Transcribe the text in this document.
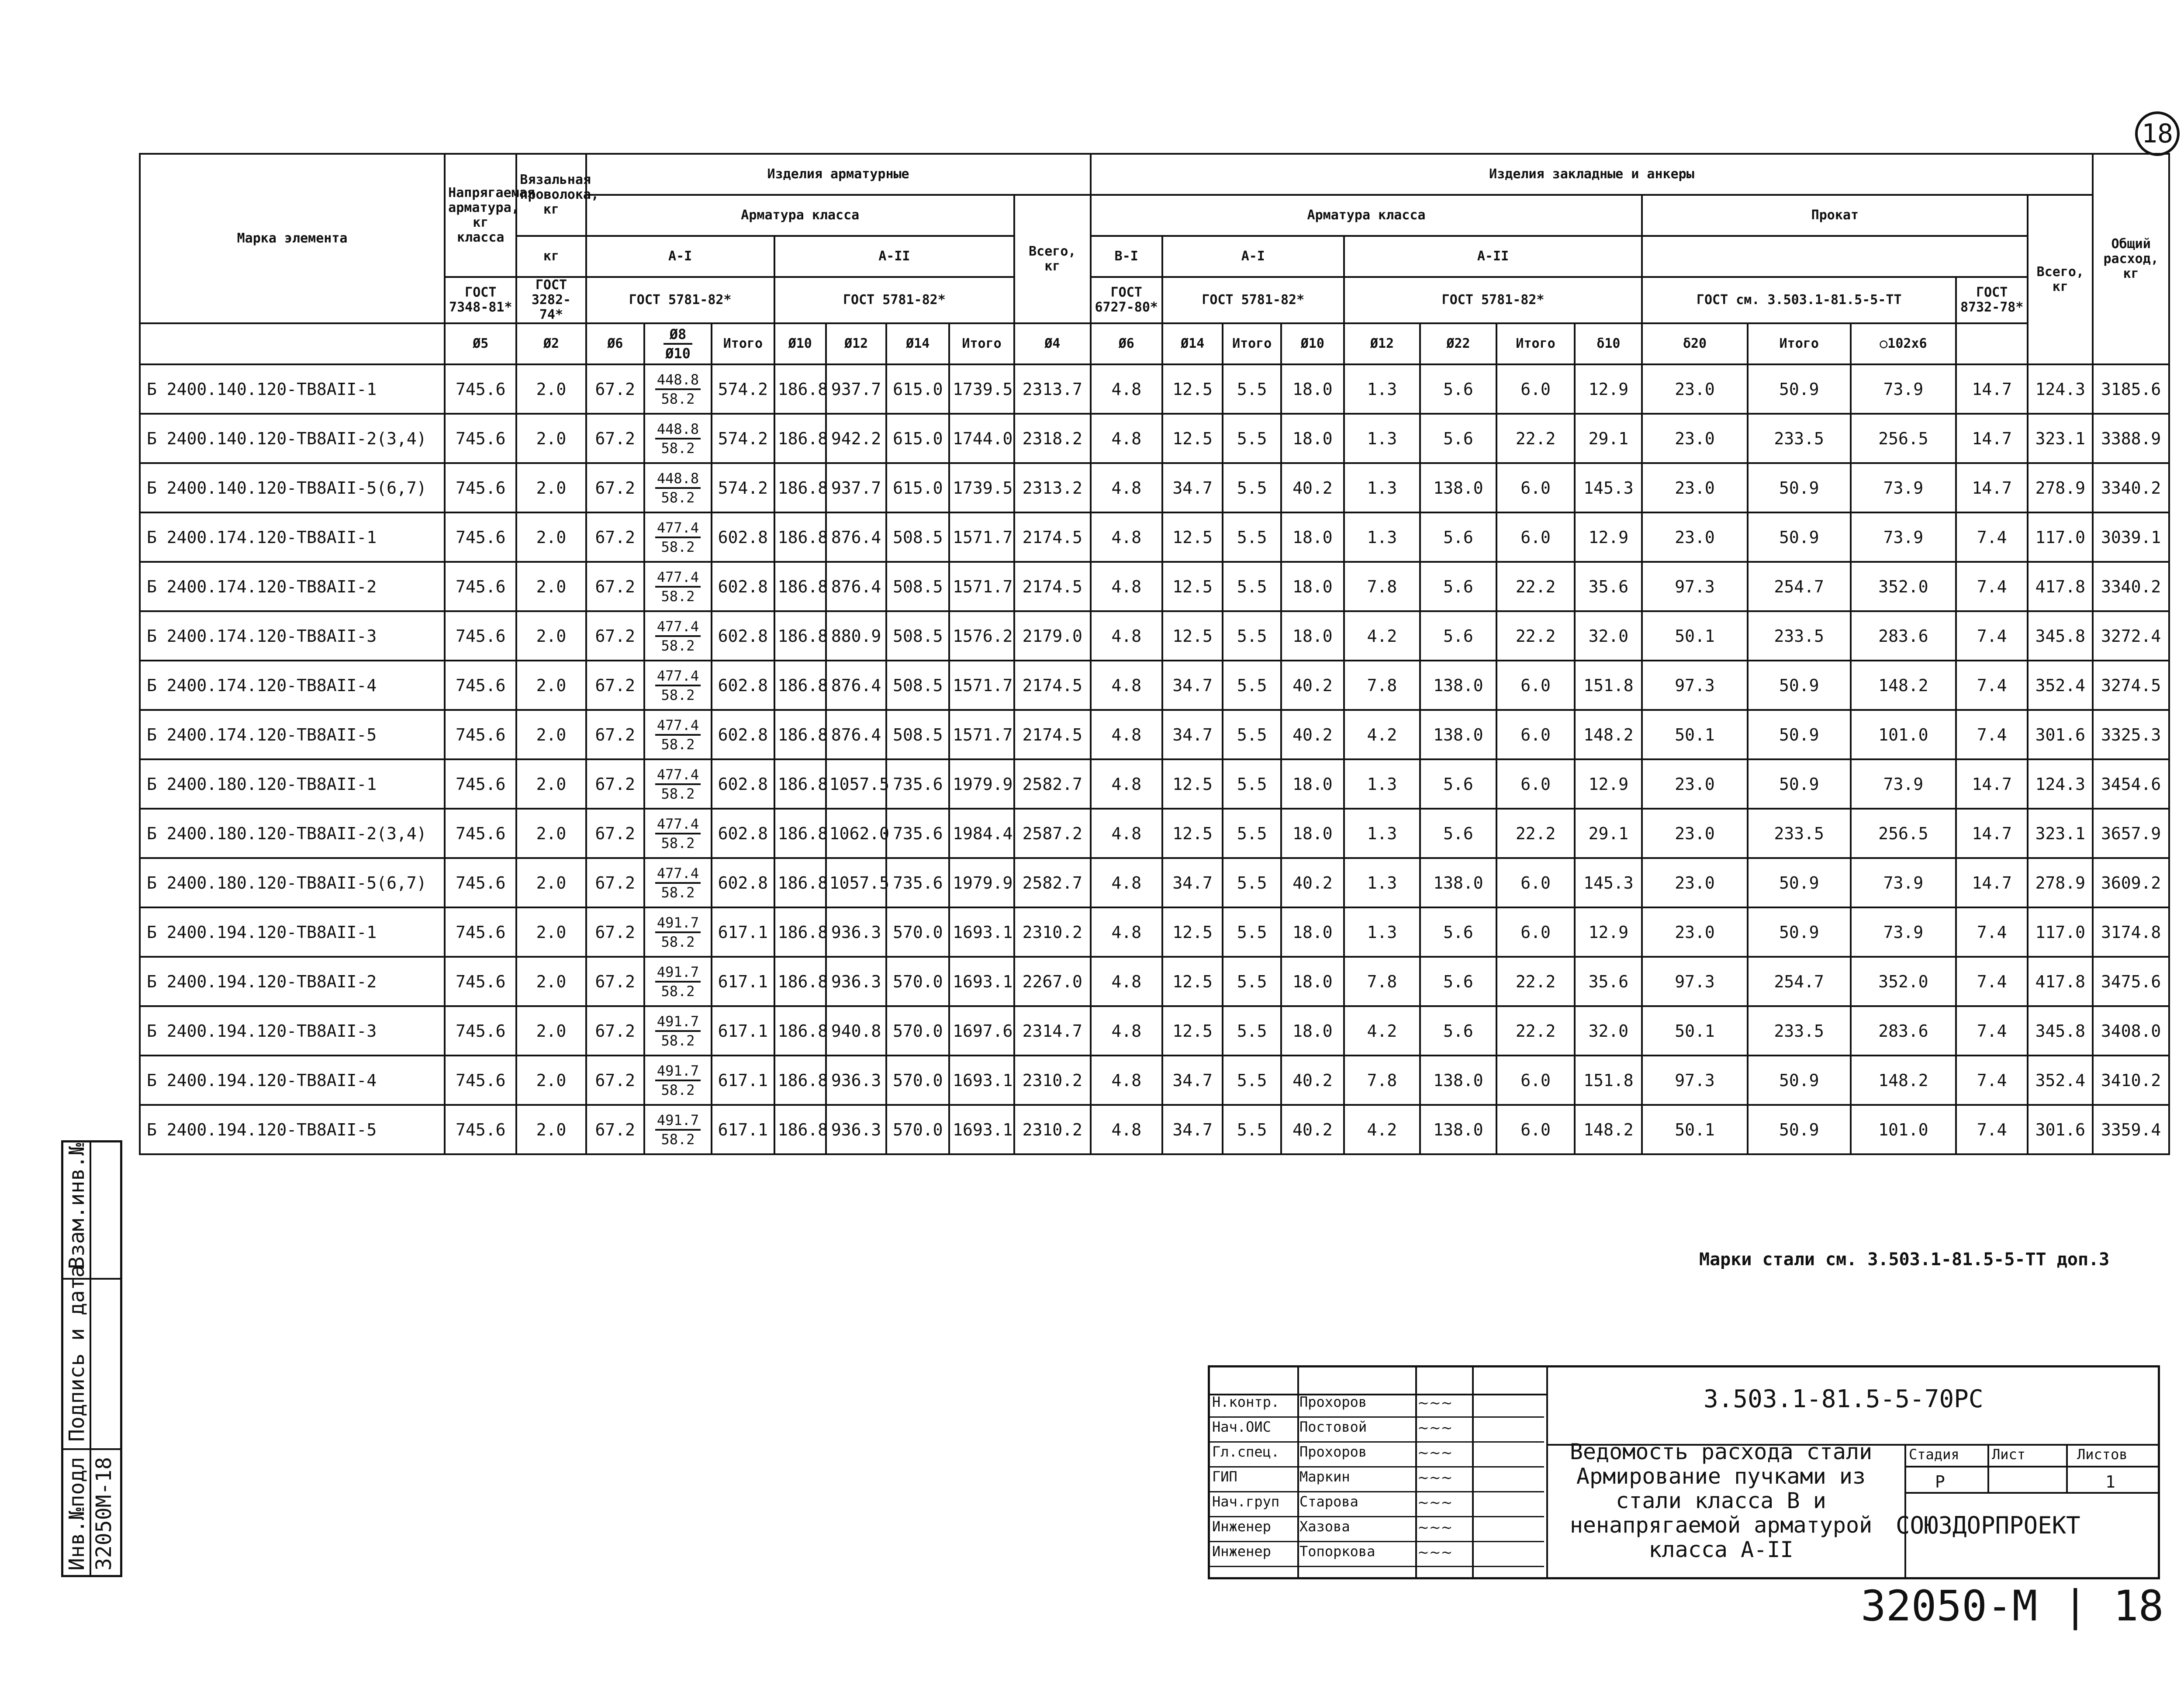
18
Марка элемента	Напрягаемая арматура, кг класса	Вязальная проволока, кг	Изделия арматурные								Изделия закладные и анкеры													Общий расход, кг
			Арматура класса							Всего, кг	Арматура класса								Прокат				Всего, кг	
		кг	А-I			А-II					B-I	А-I			А-II									
	ГОСТ 7348-81*	ГОСТ 3282-74*	ГОСТ 5781-82*			ГОСТ 5781-82*					ГОСТ 6727-80*	ГОСТ 5781-82*			ГОСТ 5781-82*				ГОСТ см. 3.503.1-81.5-5-ТТ			ГОСТ 8732-78*		
	Ø5	Ø2	Ø6	$\frac{Ø8}{Ø10}$	Итого	Ø10	Ø12	Ø14	Итого	Ø4	Ø6	Ø14	Итого	Ø10	Ø12	Ø22	Итого	δ10	δ20	Итого	○102х6			
Б 2400.140.120-ТВ8АII-1	745.6	2.0	67.2	$\frac{448.8}{58.2}$	574.2	186.8	937.7	615.0	1739.5	2313.7	4.8	12.5	5.5	18.0	1.3	5.6	6.0	12.9	23.0	50.9	73.9	14.7	124.3	3185.6
Б 2400.140.120-ТВ8АII-2(3,4)	745.6	2.0	67.2	$\frac{448.8}{58.2}$	574.2	186.8	942.2	615.0	1744.0	2318.2	4.8	12.5	5.5	18.0	1.3	5.6	22.2	29.1	23.0	233.5	256.5	14.7	323.1	3388.9
Б 2400.140.120-ТВ8АII-5(6,7)	745.6	2.0	67.2	$\frac{448.8}{58.2}$	574.2	186.8	937.7	615.0	1739.5	2313.2	4.8	34.7	5.5	40.2	1.3	138.0	6.0	145.3	23.0	50.9	73.9	14.7	278.9	3340.2
Б 2400.174.120-ТВ8АII-1	745.6	2.0	67.2	$\frac{477.4}{58.2}$	602.8	186.8	876.4	508.5	1571.7	2174.5	4.8	12.5	5.5	18.0	1.3	5.6	6.0	12.9	23.0	50.9	73.9	7.4	117.0	3039.1
Б 2400.174.120-ТВ8АII-2	745.6	2.0	67.2	$\frac{477.4}{58.2}$	602.8	186.8	876.4	508.5	1571.7	2174.5	4.8	12.5	5.5	18.0	7.8	5.6	22.2	35.6	97.3	254.7	352.0	7.4	417.8	3340.2
Б 2400.174.120-ТВ8АII-3	745.6	2.0	67.2	$\frac{477.4}{58.2}$	602.8	186.8	880.9	508.5	1576.2	2179.0	4.8	12.5	5.5	18.0	4.2	5.6	22.2	32.0	50.1	233.5	283.6	7.4	345.8	3272.4
Б 2400.174.120-ТВ8АII-4	745.6	2.0	67.2	$\frac{477.4}{58.2}$	602.8	186.8	876.4	508.5	1571.7	2174.5	4.8	34.7	5.5	40.2	7.8	138.0	6.0	151.8	97.3	50.9	148.2	7.4	352.4	3274.5
Б 2400.174.120-ТВ8АII-5	745.6	2.0	67.2	$\frac{477.4}{58.2}$	602.8	186.8	876.4	508.5	1571.7	2174.5	4.8	34.7	5.5	40.2	4.2	138.0	6.0	148.2	50.1	50.9	101.0	7.4	301.6	3325.3
Б 2400.180.120-ТВ8АII-1	745.6	2.0	67.2	$\frac{477.4}{58.2}$	602.8	186.8	1057.5	735.6	1979.9	2582.7	4.8	12.5	5.5	18.0	1.3	5.6	6.0	12.9	23.0	50.9	73.9	14.7	124.3	3454.6
Б 2400.180.120-ТВ8АII-2(3,4)	745.6	2.0	67.2	$\frac{477.4}{58.2}$	602.8	186.8	1062.0	735.6	1984.4	2587.2	4.8	12.5	5.5	18.0	1.3	5.6	22.2	29.1	23.0	233.5	256.5	14.7	323.1	3657.9
Б 2400.180.120-ТВ8АII-5(6,7)	745.6	2.0	67.2	$\frac{477.4}{58.2}$	602.8	186.8	1057.5	735.6	1979.9	2582.7	4.8	34.7	5.5	40.2	1.3	138.0	6.0	145.3	23.0	50.9	73.9	14.7	278.9	3609.2
Б 2400.194.120-ТВ8АII-1	745.6	2.0	67.2	$\frac{491.7}{58.2}$	617.1	186.8	936.3	570.0	1693.1	2310.2	4.8	12.5	5.5	18.0	1.3	5.6	6.0	12.9	23.0	50.9	73.9	7.4	117.0	3174.8
Б 2400.194.120-ТВ8АII-2	745.6	2.0	67.2	$\frac{491.7}{58.2}$	617.1	186.8	936.3	570.0	1693.1	2267.0	4.8	12.5	5.5	18.0	7.8	5.6	22.2	35.6	97.3	254.7	352.0	7.4	417.8	3475.6
Б 2400.194.120-ТВ8АII-3	745.6	2.0	67.2	$\frac{491.7}{58.2}$	617.1	186.8	940.8	570.0	1697.6	2314.7	4.8	12.5	5.5	18.0	4.2	5.6	22.2	32.0	50.1	233.5	283.6	7.4	345.8	3408.0
Б 2400.194.120-ТВ8АII-4	745.6	2.0	67.2	$\frac{491.7}{58.2}$	617.1	186.8	936.3	570.0	1693.1	2310.2	4.8	34.7	5.5	40.2	7.8	138.0	6.0	151.8	97.3	50.9	148.2	7.4	352.4	3410.2
Б 2400.194.120-ТВ8АII-5	745.6	2.0	67.2	$\frac{491.7}{58.2}$	617.1	186.8	936.3	570.0	1693.1	2310.2	4.8	34.7	5.5	40.2	4.2	138.0	6.0	148.2	50.1	50.9	101.0	7.4	301.6	3359.4
Марки стали см. 3.503.1-81.5-5-ТТ доп.3
Н.контр. Прохоров	~~~
Нач.ОИС Постовой	~~~
Гл.спец. Прохоров	~~~
ГИП	Маркин	~~~
Нач.груп Старова	~~~
Инженер Хазова	~~~
Инженер Топоркова	~~~
3.503.1-81.5-5-70РС
Ведомость расхода стали Армирование пучками из стали класса В и ненапрягаемой арматурой класса А-II
Стадия Лист	Листов
Р	1
СОЮЗДОРПРОЕКТ
Взам.инв.№
Подпись и дата
Инв.№подл 32050М-18
32050-М | 18
